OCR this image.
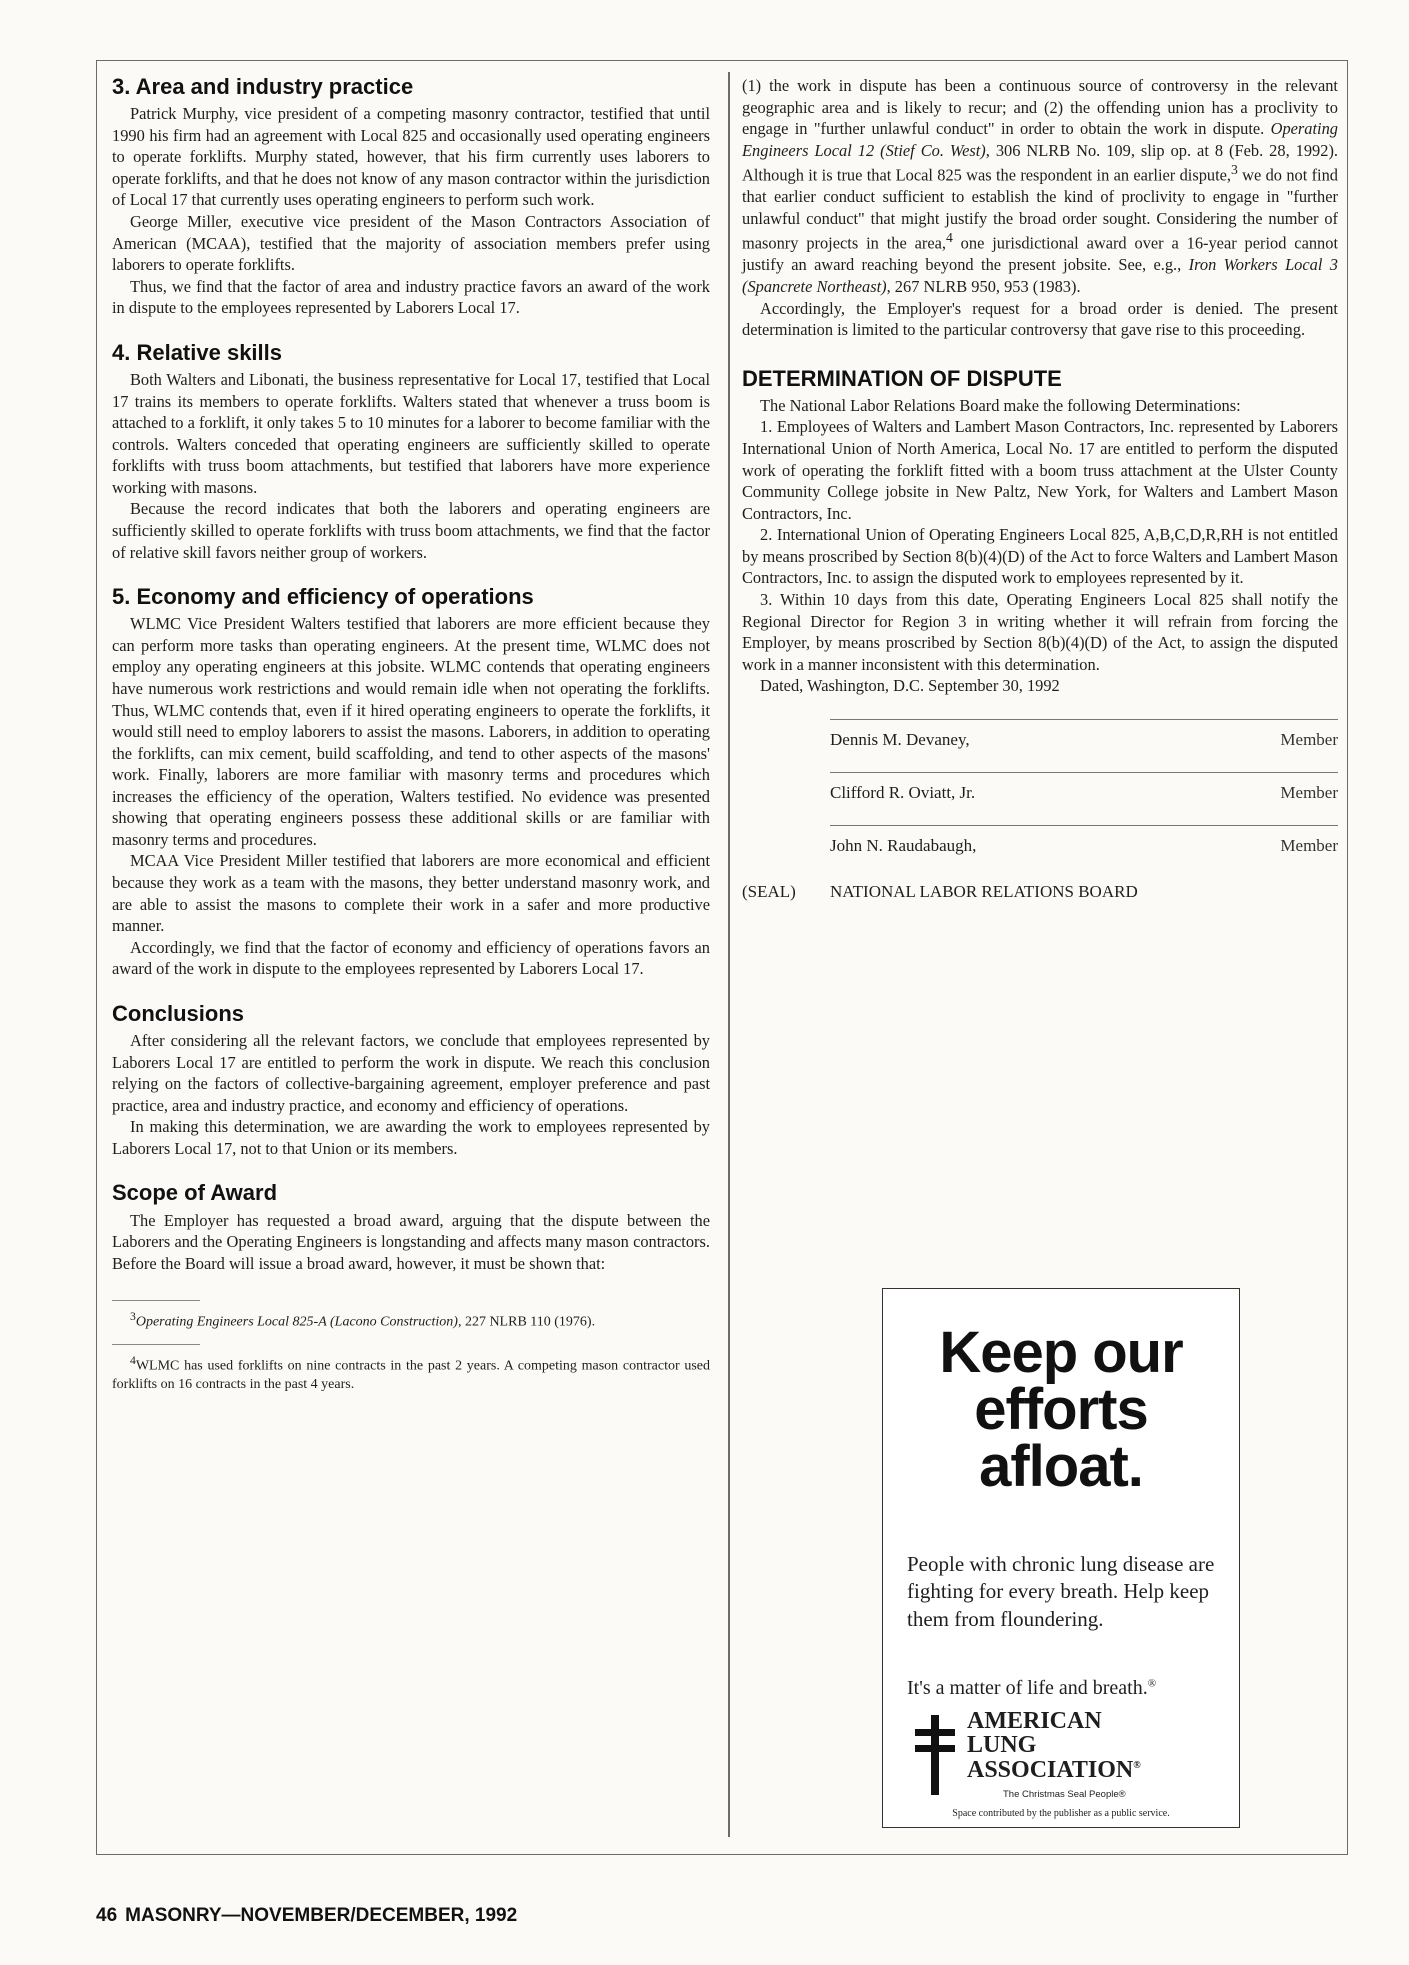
3. Area and industry practice

Patrick Murphy, vice president of a competing masonry contractor, testified that until 1990 his firm had an agreement with Local 825 and occasionally used operating engineers to operate forklifts. Murphy stated, however, that his firm currently uses laborers to operate forklifts, and that he does not know of any mason contractor within the jurisdiction of Local 17 that currently uses operating engineers to perform such work.

George Miller, executive vice president of the Mason Contractors Association of American (MCAA), testified that the majority of association members prefer using laborers to operate forklifts.

Thus, we find that the factor of area and industry practice favors an award of the work in dispute to the employees represented by Laborers Local 17.

4. Relative skills

Both Walters and Libonati, the business representative for Local 17, testified that Local 17 trains its members to operate forklifts. Walters stated that whenever a truss boom is attached to a forklift, it only takes 5 to 10 minutes for a laborer to become familiar with the controls. Walters conceded that operating engineers are sufficiently skilled to operate forklifts with truss boom attachments, but testified that laborers have more experience working with masons.

Because the record indicates that both the laborers and operating engineers are sufficiently skilled to operate forklifts with truss boom attachments, we find that the factor of relative skill favors neither group of workers.

5. Economy and efficiency of operations

WLMC Vice President Walters testified that laborers are more efficient because they can perform more tasks than operating engineers. At the present time, WLMC does not employ any operating engineers at this jobsite. WLMC contends that operating engineers have numerous work restrictions and would remain idle when not operating the forklifts. Thus, WLMC contends that, even if it hired operating engineers to operate the forklifts, it would still need to employ laborers to assist the masons. Laborers, in addition to operating the forklifts, can mix cement, build scaffolding, and tend to other aspects of the masons' work. Finally, laborers are more familiar with masonry terms and procedures which increases the efficiency of the operation, Walters testified. No evidence was presented showing that operating engineers possess these additional skills or are familiar with masonry terms and procedures.

MCAA Vice President Miller testified that laborers are more economical and efficient because they work as a team with the masons, they better understand masonry work, and are able to assist the masons to complete their work in a safer and more productive manner.

Accordingly, we find that the factor of economy and efficiency of operations favors an award of the work in dispute to the employees represented by Laborers Local 17.

Conclusions

After considering all the relevant factors, we conclude that employees represented by Laborers Local 17 are entitled to perform the work in dispute. We reach this conclusion relying on the factors of collective-bargaining agreement, employer preference and past practice, area and industry practice, and economy and efficiency of operations.

In making this determination, we are awarding the work to employees represented by Laborers Local 17, not to that Union or its members.

Scope of Award

The Employer has requested a broad award, arguing that the dispute between the Laborers and the Operating Engineers is longstanding and affects many mason contractors. Before the Board will issue a broad award, however, it must be shown that:

$^3$Operating Engineers Local 825-A (Lacono Construction), 227 NLRB 110 (1976).

$^4$WLMC has used forklifts on nine contracts in the past 2 years. A competing mason contractor used forklifts on 16 contracts in the past 4 years.

(1) the work in dispute has been a continuous source of controversy in the relevant geographic area and is likely to recur; and (2) the offending union has a proclivity to engage in "further unlawful conduct" in order to obtain the work in dispute. Operating Engineers Local 12 (Stief Co. West), 306 NLRB No. 109, slip op. at 8 (Feb. 28, 1992). Although it is true that Local 825 was the respondent in an earlier dispute,$^3$ we do not find that earlier conduct sufficient to establish the kind of proclivity to engage in "further unlawful conduct" that might justify the broad order sought. Considering the number of masonry projects in the area,$^4$ one jurisdictional award over a 16-year period cannot justify an award reaching beyond the present jobsite. See, e.g., Iron Workers Local 3 (Spancrete Northeast), 267 NLRB 950, 953 (1983).

Accordingly, the Employer's request for a broad order is denied. The present determination is limited to the particular controversy that gave rise to this proceeding.

DETERMINATION OF DISPUTE

The National Labor Relations Board make the following Determinations:

1. Employees of Walters and Lambert Mason Contractors, Inc. represented by Laborers International Union of North America, Local No. 17 are entitled to perform the disputed work of operating the forklift fitted with a boom truss attachment at the Ulster County Community College jobsite in New Paltz, New York, for Walters and Lambert Mason Contractors, Inc.

2. International Union of Operating Engineers Local 825, A,B,C,D,R,RH is not entitled by means proscribed by Section 8(b)(4)(D) of the Act to force Walters and Lambert Mason Contractors, Inc. to assign the disputed work to employees represented by it.

3. Within 10 days from this date, Operating Engineers Local 825 shall notify the Regional Director for Region 3 in writing whether it will refrain from forcing the Employer, by means proscribed by Section 8(b)(4)(D) of the Act, to assign the disputed work in a manner inconsistent with this determination.

Dated, Washington, D.C. September 30, 1992

Dennis M. Devaney,	Member
Clifford R. Oviatt, Jr.	Member
John N. Raudabaugh,	Member
(SEAL) NATIONAL LABOR RELATIONS BOARD
Keep our
efforts
afloat.
People with chronic lung disease are fighting for every breath. Help keep them from floundering.
It's a matter of life and breath.®
AMERICAN
LUNG
ASSOCIATION®
The Christmas Seal People®
Space contributed by the publisher as a public service.
46 MASONRY—NOVEMBER/DECEMBER, 1992
